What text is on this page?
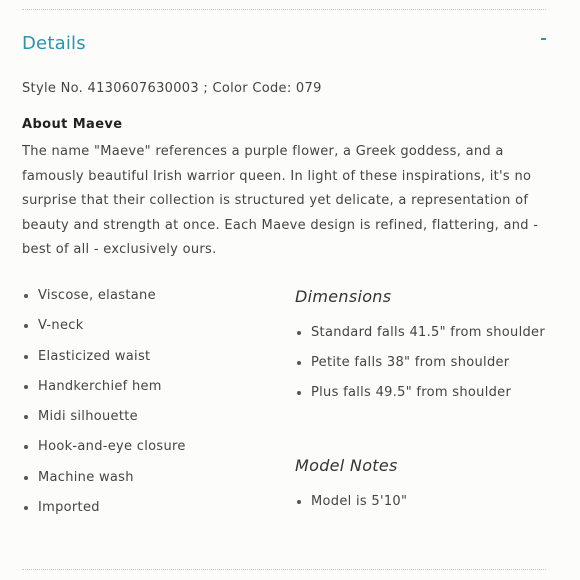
Details
Style No. 4130607630003 ; Color Code: 079
About Maeve
The name "Maeve" references a purple flower, a Greek goddess, and a famously beautiful Irish warrior queen. In light of these inspirations, it's no surprise that their collection is structured yet delicate, a representation of beauty and strength at once. Each Maeve design is refined, flattering, and - best of all - exclusively ours.
Viscose, elastane
V-neck
Elasticized waist
Handkerchief hem
Midi silhouette
Hook-and-eye closure
Machine wash
Imported
Dimensions
Standard falls 41.5" from shoulder
Petite falls 38" from shoulder
Plus falls 49.5" from shoulder
Model Notes
Model is 5'10"
